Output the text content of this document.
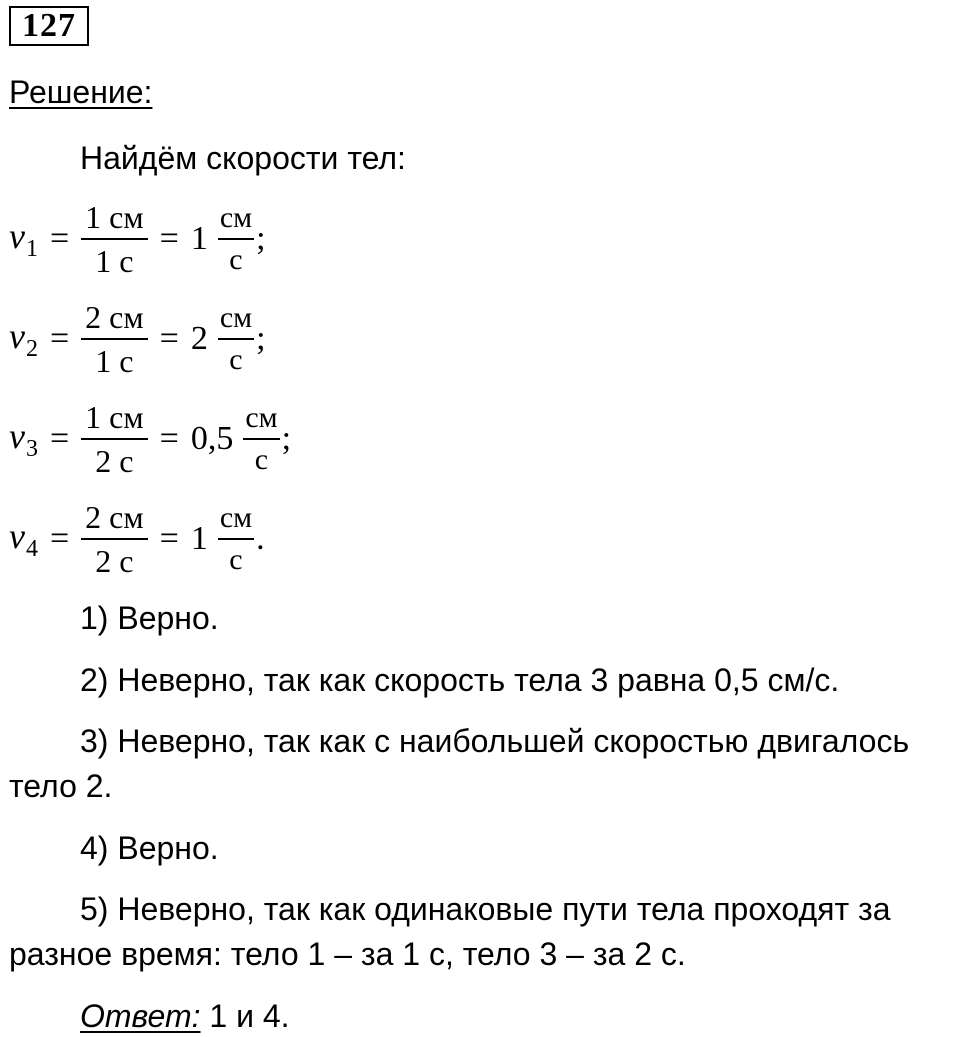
127
Решение:
Найдём скорости тел:
$v_1 = \frac{1 см}{1 с} = 1 \frac{см}{с}$ ;
$v_2 = \frac{2 см}{1 с} = 2 \frac{см}{с}$ ;
$v_3 = \frac{1 см}{2 с} = 0,5 \frac{см}{с}$ ;
$v_4 = \frac{2 см}{2 с} = 1 \frac{см}{с}$ .
1) Верно.
2) Неверно, так как скорость тела 3 равна 0,5 см/с.
3) Неверно, так как с наибольшей скоростью двигалось
тело 2.
4) Верно.
5) Неверно, так как одинаковые пути тела проходят за
разное время: тело 1 – за 1 с, тело 3 – за 2 с.
Ответ: 1 и 4.
